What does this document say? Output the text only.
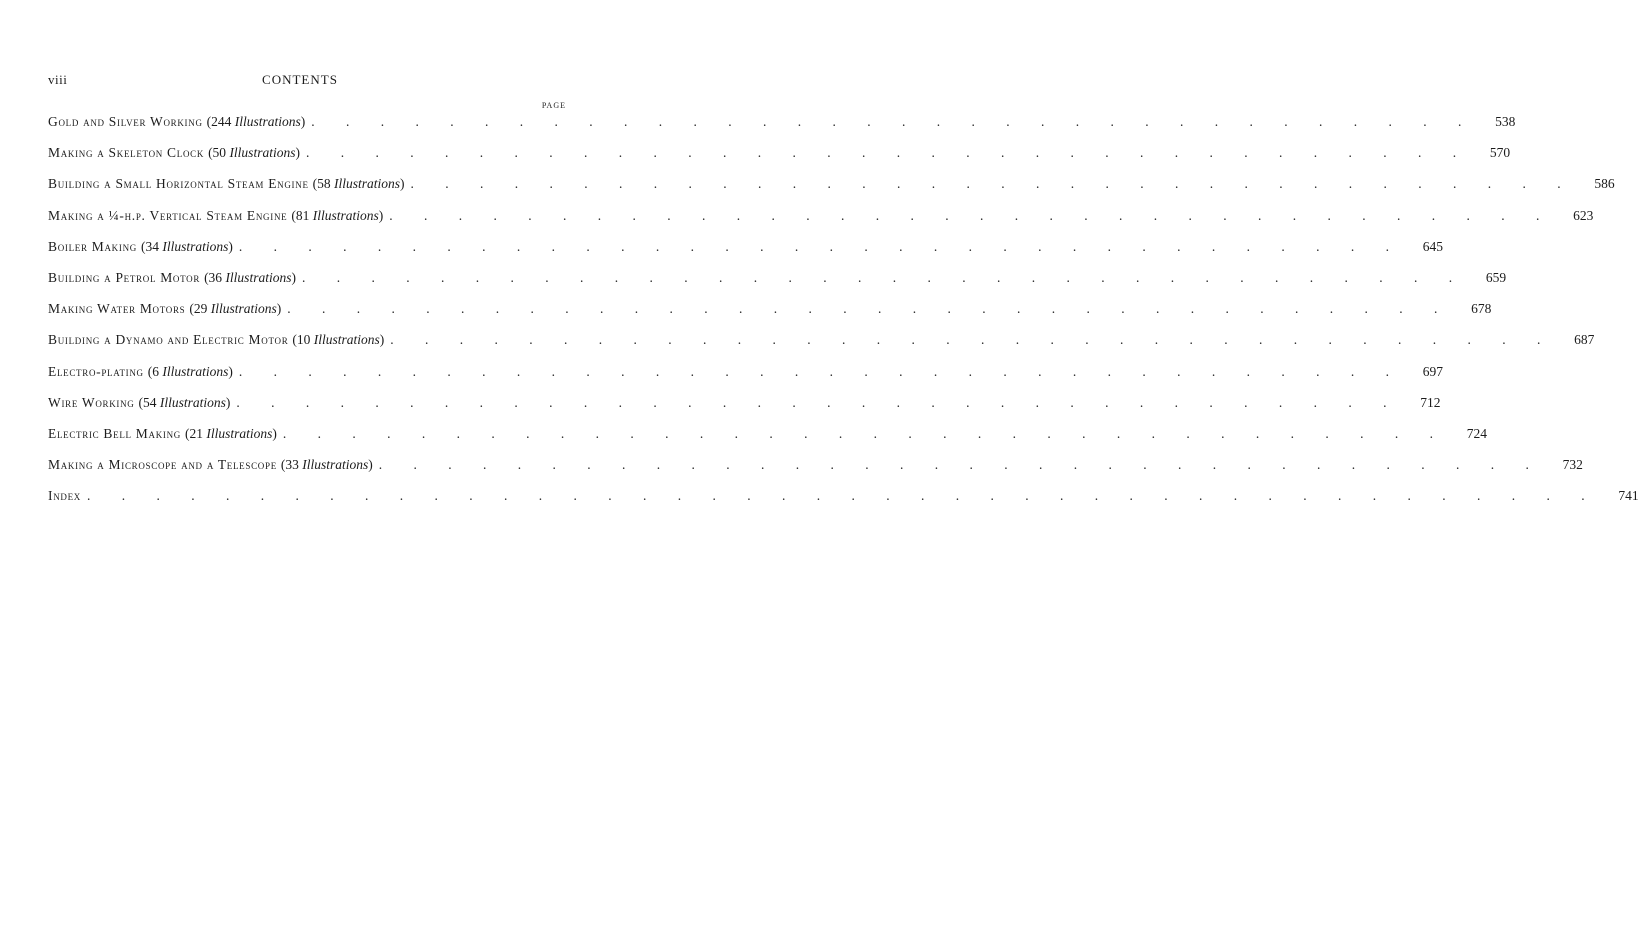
viii	CONTENTS
PAGE
Gold and Silver Working (244 Illustrations) . . . . . . . . . . . . . . . . . . . . . . . . . . . . . . . . . .	538
Making a Skeleton Clock (50 Illustrations) . . . . . . . . . . . . . . . . . . . . . . . . . . . . . . . . . .	570
Building a Small Horizontal Steam Engine (58 Illustrations) . . . . . . . . . . . . . . . . . . . . . . . . . . . . . . . . . .	586
Making a ¼-h.p. Vertical Steam Engine (81 Illustrations) . . . . . . . . . . . . . . . . . . . . . . . . . . . . . . . . . .	623
Boiler Making (34 Illustrations) . . . . . . . . . . . . . . . . . . . . . . . . . . . . . . . . . .	645
Building a Petrol Motor (36 Illustrations) . . . . . . . . . . . . . . . . . . . . . . . . . . . . . . . . . .	659
Making Water Motors (29 Illustrations) . . . . . . . . . . . . . . . . . . . . . . . . . . . . . . . . . .	678
Building a Dynamo and Electric Motor (10 Illustrations) . . . . . . . . . . . . . . . . . . . . . . . . . . . . . . . . . .	687
Electro-plating (6 Illustrations) . . . . . . . . . . . . . . . . . . . . . . . . . . . . . . . . . .	697
Wire Working (54 Illustrations) . . . . . . . . . . . . . . . . . . . . . . . . . . . . . . . . . .	712
Electric Bell Making (21 Illustrations) . . . . . . . . . . . . . . . . . . . . . . . . . . . . . . . . . .	724
Making a Microscope and a Telescope (33 Illustrations) . . . . . . . . . . . . . . . . . . . . . . . . . . . . . . . . . .	732
Index . . . . . . . . . . . . . . . . . . . . . . . . . . . . . . . . . . . . . . . . . . . .	741
